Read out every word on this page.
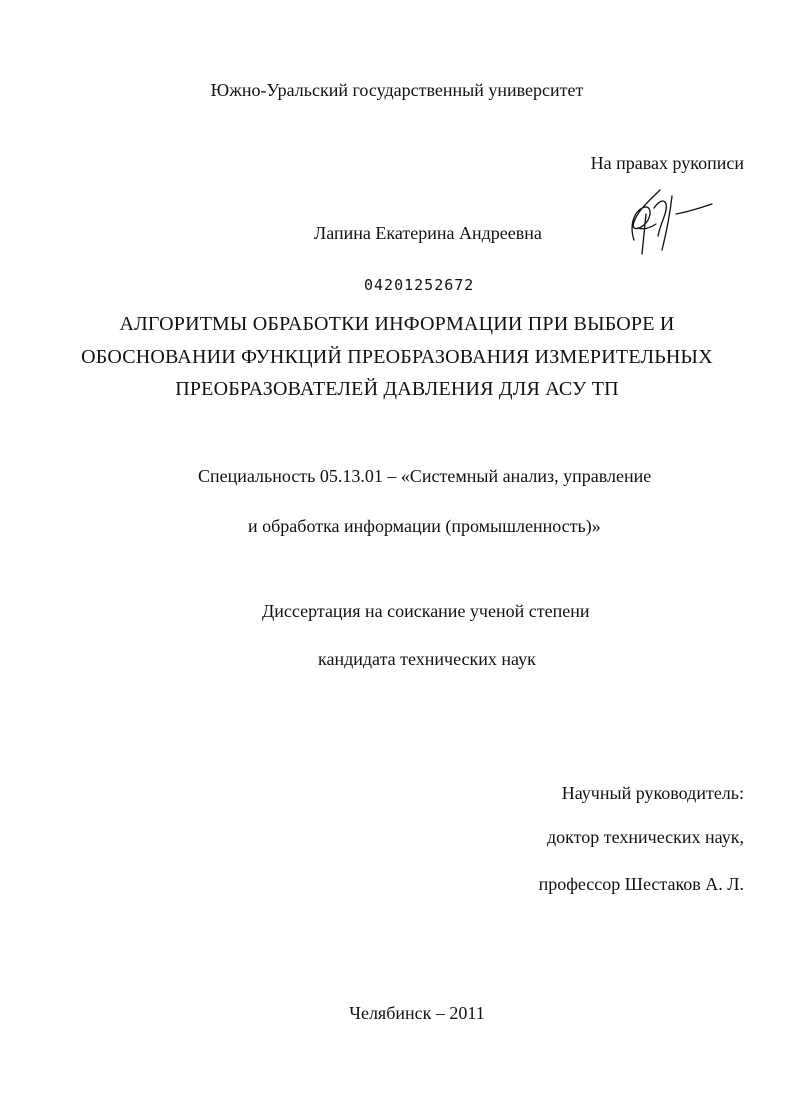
Южно-Уральский государственный университет
На правах рукописи
Лапина Екатерина Андреевна
04201252672
АЛГОРИТМЫ ОБРАБОТКИ ИНФОРМАЦИИ ПРИ ВЫБОРЕ И
ОБОСНОВАНИИ ФУНКЦИЙ ПРЕОБРАЗОВАНИЯ ИЗМЕРИТЕЛЬНЫХ
ПРЕОБРАЗОВАТЕЛЕЙ ДАВЛЕНИЯ ДЛЯ АСУ ТП
Специальность 05.13.01 – «Системный анализ, управление
и обработка информации (промышленность)»
Диссертация на соискание ученой степени
кандидата технических наук
Научный руководитель:
доктор технических наук,
профессор Шестаков А. Л.
Челябинск – 2011
